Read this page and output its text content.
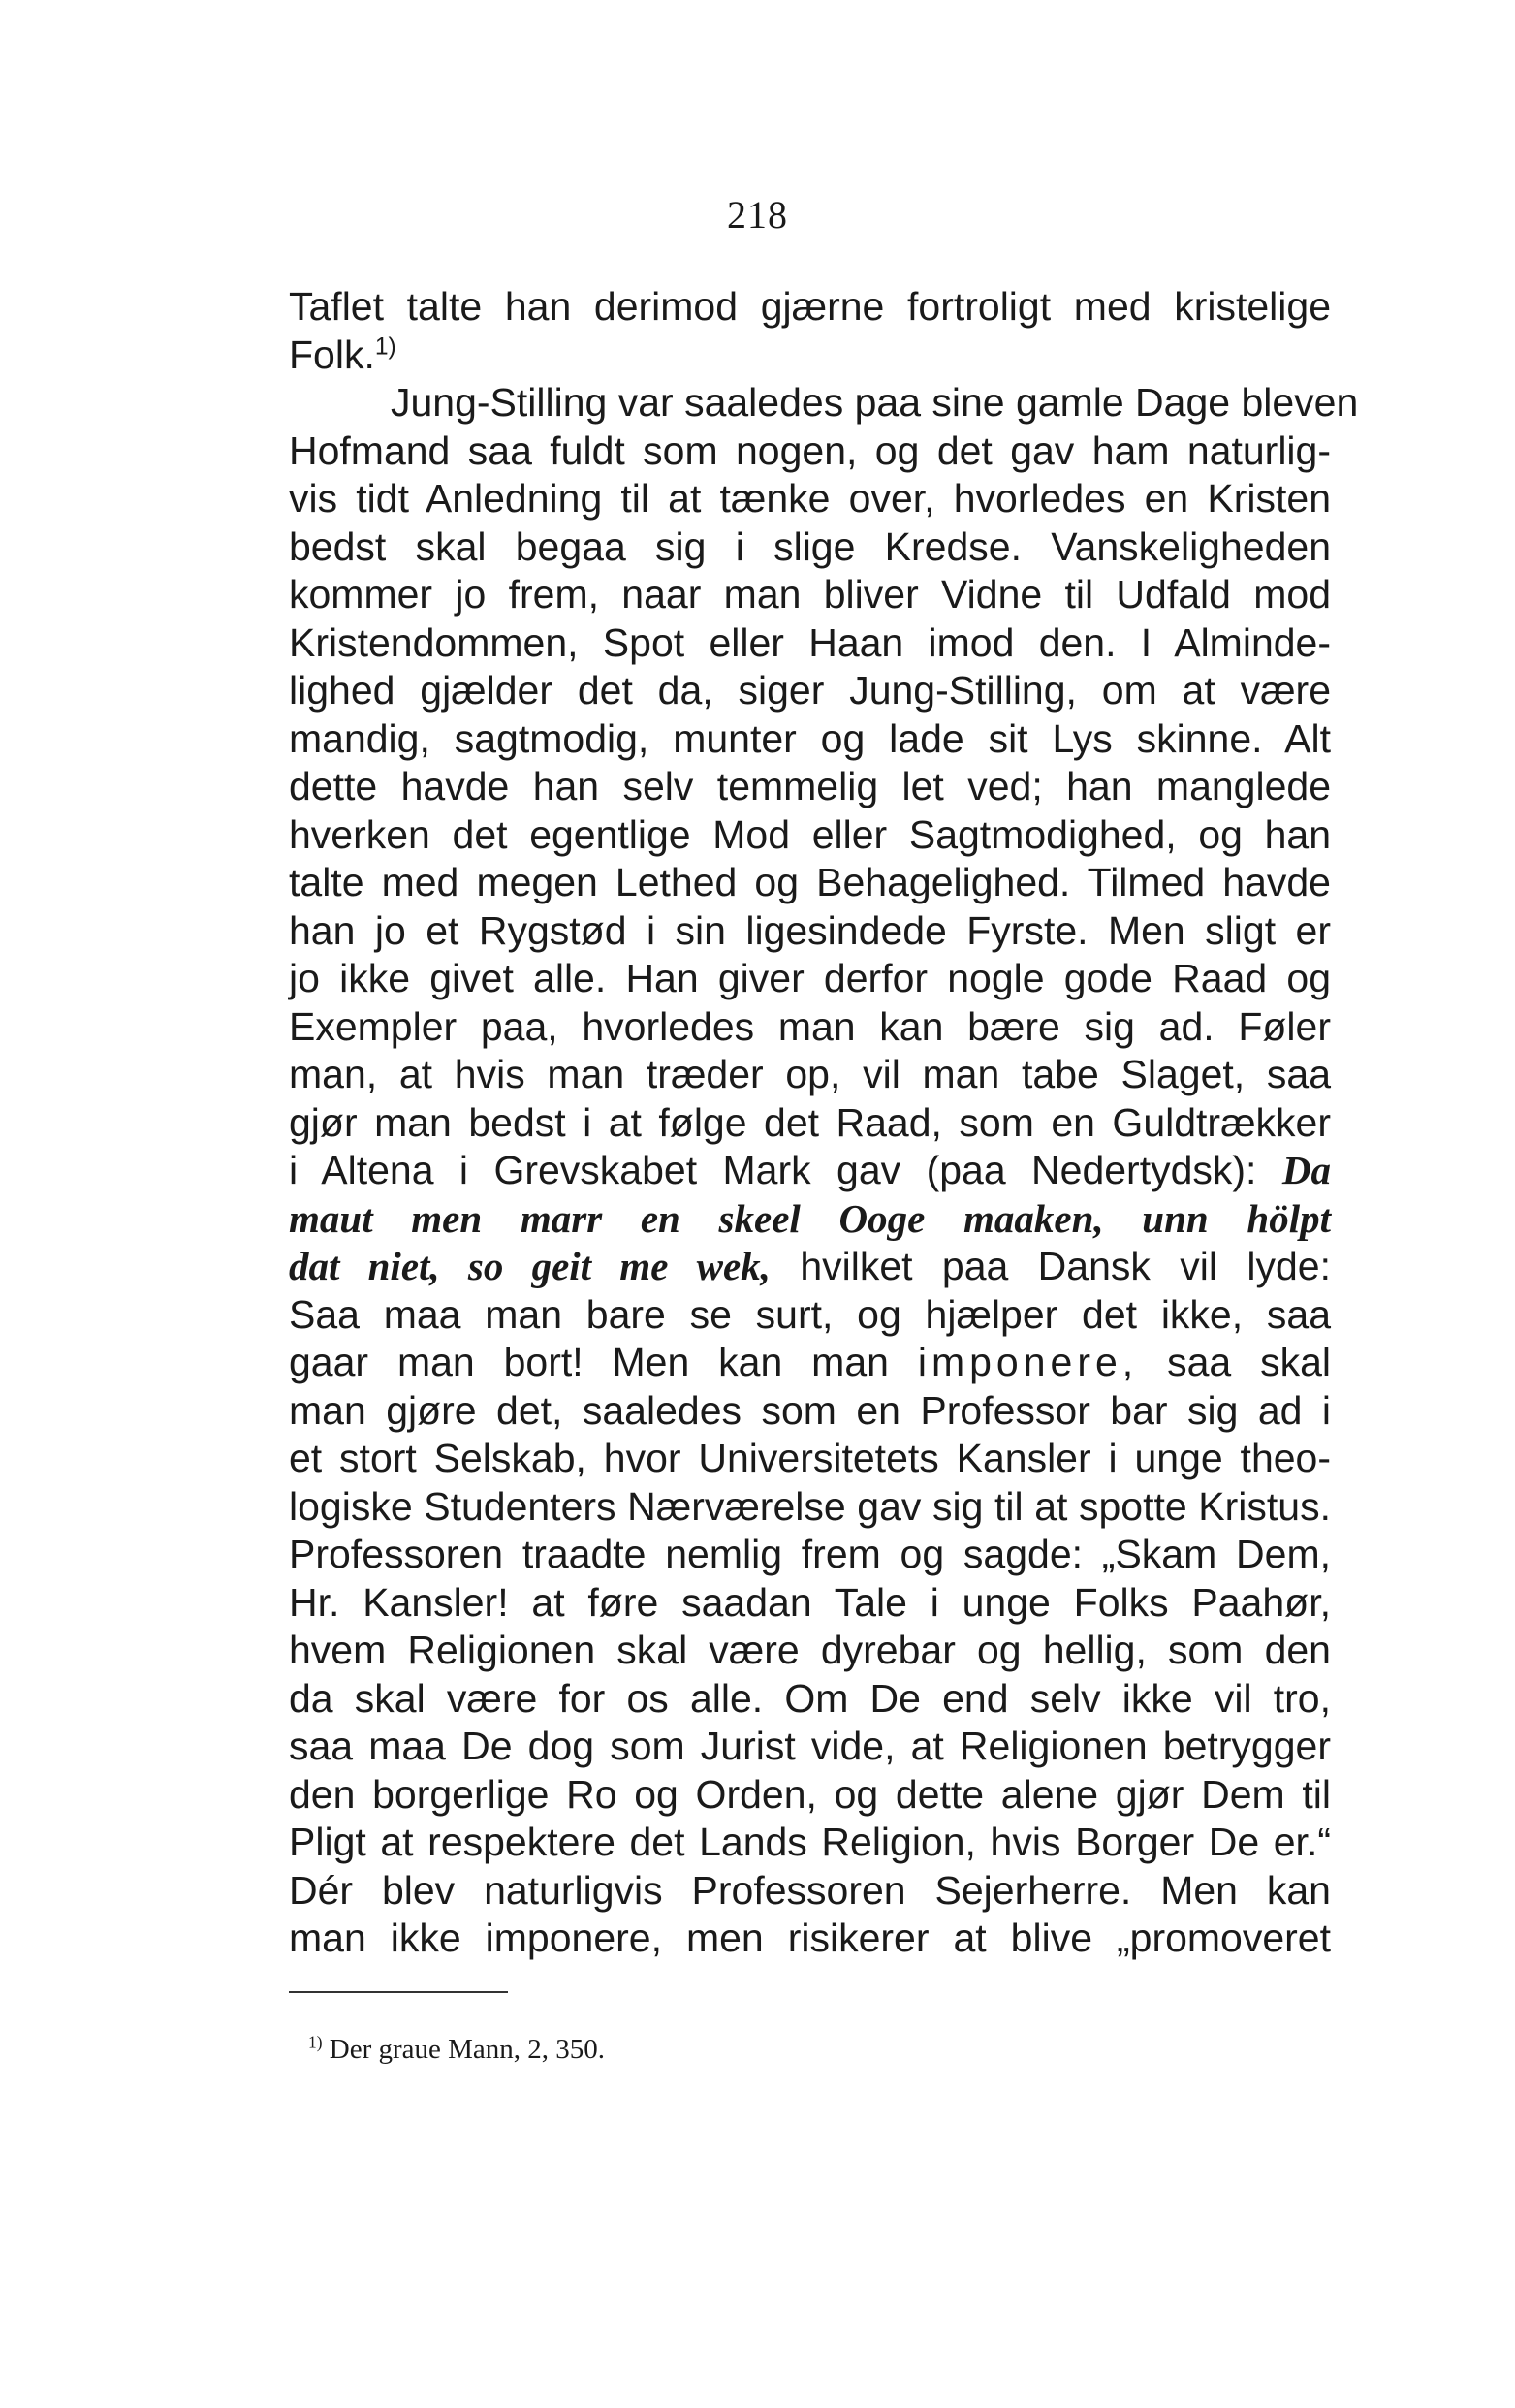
218
Taflet talte han derimod gjærne fortroligt med kristelige
Folk.$^{1)}$
Jung-Stilling var saaledes paa sine gamle Dage bleven
Hofmand saa fuldt som nogen, og det gav ham naturlig-
vis tidt Anledning til at tænke over, hvorledes en Kristen
bedst skal begaa sig i slige Kredse. Vanskeligheden
kommer jo frem, naar man bliver Vidne til Udfald mod
Kristendommen, Spot eller Haan imod den. I Alminde-
lighed gjælder det da, siger Jung-Stilling, om at være
mandig, sagtmodig, munter og lade sit Lys skinne. Alt
dette havde han selv temmelig let ved; han manglede
hverken det egentlige Mod eller Sagtmodighed, og han
talte med megen Lethed og Behagelighed. Tilmed havde
han jo et Rygstød i sin ligesindede Fyrste. Men sligt er
jo ikke givet alle. Han giver derfor nogle gode Raad og
Exempler paa, hvorledes man kan bære sig ad. Føler
man, at hvis man træder op, vil man tabe Slaget, saa
gjør man bedst i at følge det Raad, som en Guldtrækker
i Altena i Grevskabet Mark gav (paa Nedertydsk): Da
maut men marr en skeel Ooge maaken, unn hölpt
dat niet, so geit me wek, hvilket paa Dansk vil lyde:
Saa maa man bare se surt, og hjælper det ikke, saa
gaar man bort! Men kan man imponere, saa skal
man gjøre det, saaledes som en Professor bar sig ad i
et stort Selskab, hvor Universitetets Kansler i unge theo-
logiske Studenters Nærværelse gav sig til at spotte Kristus.
Professoren traadte nemlig frem og sagde: „Skam Dem,
Hr. Kansler! at føre saadan Tale i unge Folks Paahør,
hvem Religionen skal være dyrebar og hellig, som den
da skal være for os alle. Om De end selv ikke vil tro,
saa maa De dog som Jurist vide, at Religionen betrygger
den borgerlige Ro og Orden, og dette alene gjør Dem til
Pligt at respektere det Lands Religion, hvis Borger De er.“
Dér blev naturligvis Professoren Sejerherre. Men kan
man ikke imponere, men risikerer at blive „promoveret
$^{1)}$ Der graue Mann, 2, 350.
